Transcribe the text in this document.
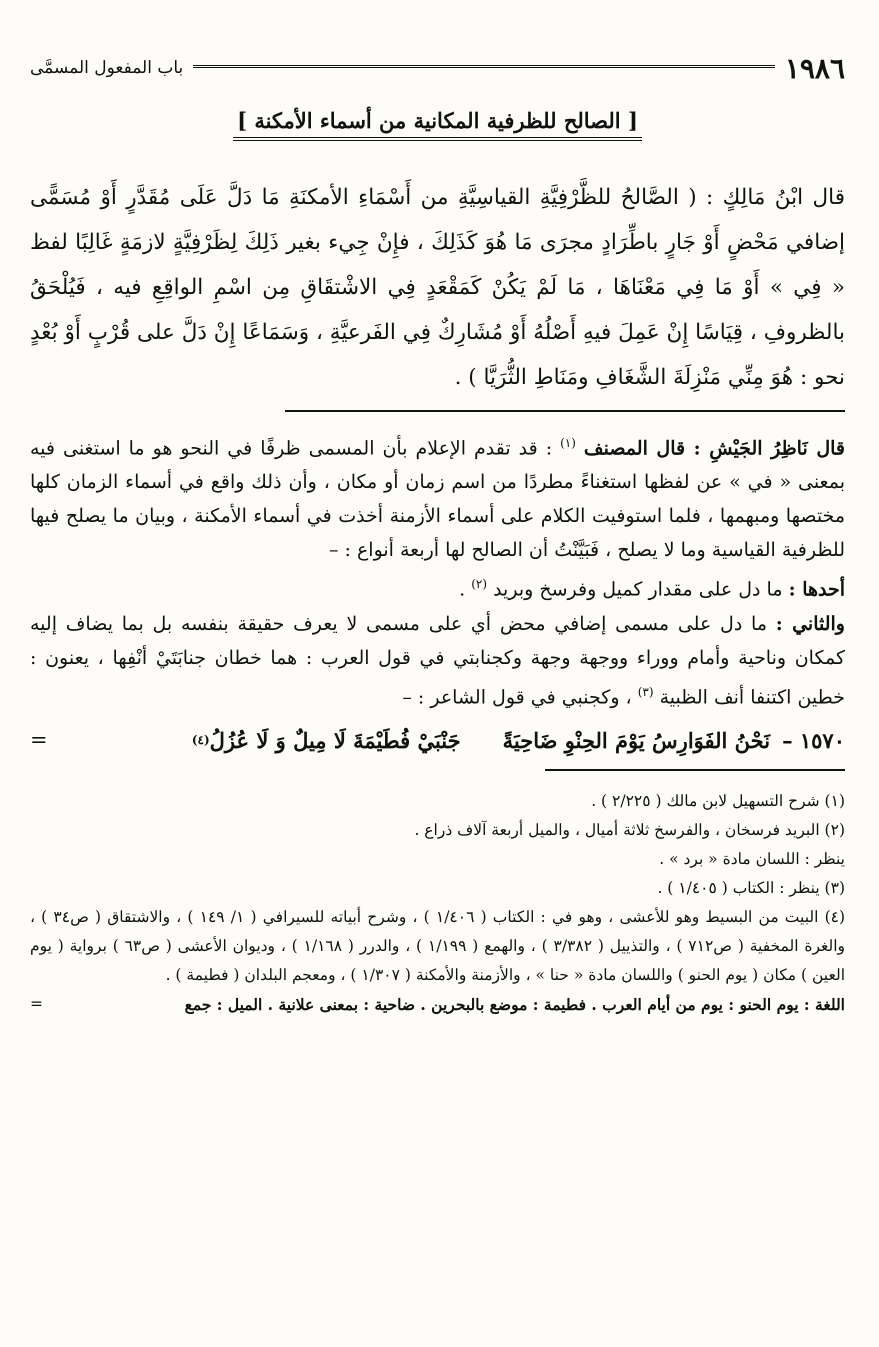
١٩٨٦
باب المفعول المسمَّى
[ الصالح للظرفية المكانية من أسماء الأمكنة ]
قال ابْنُ مَالِكٍ : ( الصَّالحُ للظَّرْفِيَّةِ القياسِيَّةِ من أَسْمَاءِ الأمكنَةِ مَا دَلَّ عَلَى مُقَدَّرٍ أَوْ مُسَمًّى إضافي مَحْضٍ أَوْ جَارٍ باطِّرَادٍ مجرَى مَا هُوَ كَذَلِكَ ، فإِنْ جِيء بغير ذَلِكَ لِظَرْفِيَّةٍ لازمَةٍ غَالِبًا لفظ « فِي » أَوْ مَا فِي مَعْنَاهَا ، مَا لَمْ يَكُنْ كَمَقْعَدٍ فِي الاشْتقَاقِ مِن اسْمِ الواقِعِ فيه ، فَيُلْحَقُ بالظروفِ ، قِيَاسًا إِنْ عَمِلَ فيهِ أَصْلُهُ أَوْ مُشَارِكٌ فِي الفَرعيَّةِ ، وَسَمَاعًا إِنْ دَلَّ على قُرْبٍ أَوْ بُعْدٍ نحو : هُوَ مِنِّي مَنْزِلَةَ الشَّغَافِ ومَنَاطِ الثُّرَيَّا ) .

قال نَاظِرُ الجَيْشِ : قال المصنف $^{(١)}$ : قد تقدم الإعلام بأن المسمى ظرفًا في النحو هو ما استغنى فيه بمعنى « في » عن لفظها استغناءً مطردًا من اسم زمان أو مكان ، وأن ذلك واقع في أسماء الزمان كلها مختصها ومبهمها ، فلما استوفيت الكلام على أسماء الأزمنة أخذت في أسماء الأمكنة ، وبيان ما يصلح فيها للظرفية القياسية وما لا يصلح ، فَبَيَّنْتُ أن الصالح لها أربعة أنواع : –

أحدها : ما دل على مقدار كميل وفرسخ وبريد $^{(٢)}$ .

والثاني : ما دل على مسمى إضافي محض أي على مسمى لا يعرف حقيقة بنفسه بل بما يضاف إليه كمكان وناحية وأمام ووراء ووجهة وجهة وكجنابتي في قول العرب : هما خطان جنابَتَيْ أنْفِها ، يعنون : خطين اكتنفا أنف الظبية $^{(٣)}$ ، وكجنبي في قول الشاعر : –

١٥٧٠ –
نَحْنُ الفَوَارِسُ يَوْمَ الحِنْوِ ضَاحِيَةً
جَنْبَيْ فُطَيْمَةَ لَا مِيلٌ وَ لَا عُزُلُ
(٤)
=

(١) شرح التسهيل لابن مالك ( ٢/٢٢٥ ) .

(٢) البريد فرسخان ، والفرسخ ثلاثة أميال ، والميل أربعة آلاف ذراع .

ينظر : اللسان مادة « برد » .

(٣) ينظر : الكتاب ( ١/٤٠٥ ) .

(٤) البيت من البسيط وهو للأعشى ، وهو في : الكتاب ( ١/٤٠٦ ) ، وشرح أبياته للسيرافي ( ١/ ١٤٩ ) ، والاشتقاق ( ص٣٤ ) ، والغرة المخفية ( ص٧١٢ ) ، والتذييل ( ٣/٣٨٢ ) ، والهمع ( ١/١٩٩ ) ، والدرر ( ١/١٦٨ ) ، وديوان الأعشى ( ص٦٣ ) برواية ( يوم العين ) مكان ( يوم الحنو ) واللسان مادة « حنا » ، والأزمنة والأمكنة ( ١/٣٠٧ ) ، ومعجم البلدان ( فطيمة ) .

اللغة : يوم الحنو : يوم من أيام العرب . فطيمة : موضع بالبحرين . ضاحية : بمعنى علانية . الميل : جمع
=
